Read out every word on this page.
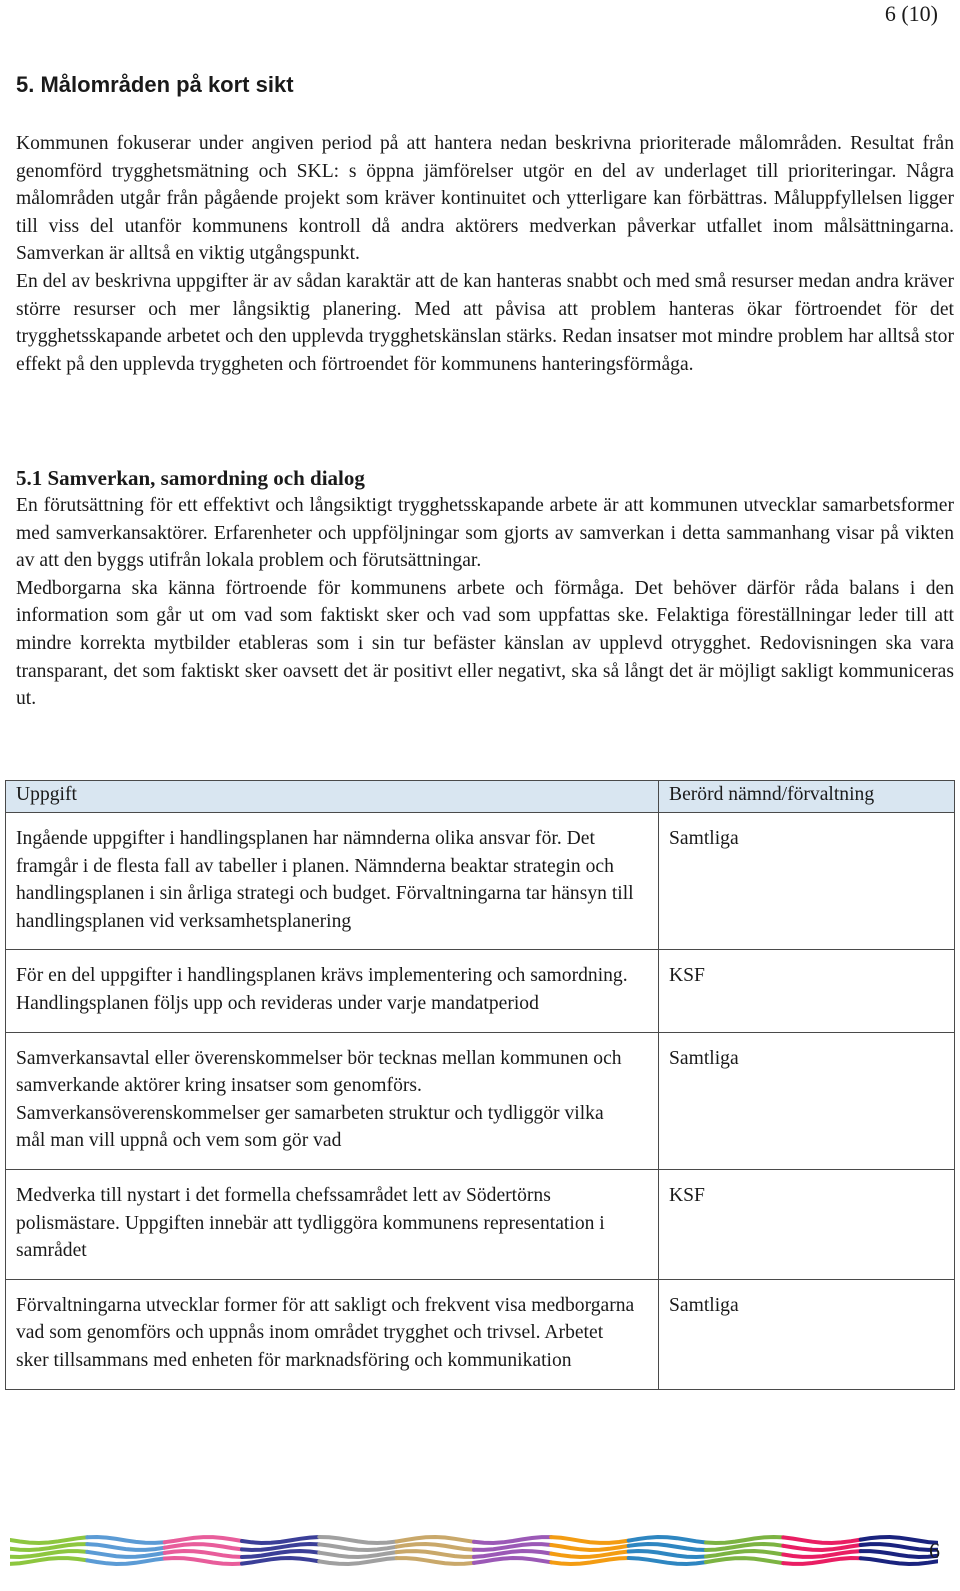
6 (10)
5. Målområden på kort sikt

Kommunen fokuserar under angiven period på att hantera nedan beskrivna prioriterade målområden. Resultat från genomförd trygghetsmätning och SKL: s öppna jämförelser utgör en del av underlaget till prioriteringar. Några målområden utgår från pågående projekt som kräver kontinuitet och ytterligare kan förbättras. Måluppfyllelsen ligger till viss del utanför kommunens kontroll då andra aktörers medverkan påverkar utfallet inom målsättningarna. Samverkan är alltså en viktig utgångspunkt.

En del av beskrivna uppgifter är av sådan karaktär att de kan hanteras snabbt och med små resurser medan andra kräver större resurser och mer långsiktig planering. Med att påvisa att problem hanteras ökar förtroendet för det trygghetsskapande arbetet och den upplevda trygghetskänslan stärks. Redan insatser mot mindre problem har alltså stor effekt på den upplevda tryggheten och förtroendet för kommunens hanteringsförmåga.

5.1 Samverkan, samordning och dialog

En förutsättning för ett effektivt och långsiktigt trygghetsskapande arbete är att kommunen utvecklar samarbetsformer med samverkansaktörer. Erfarenheter och uppföljningar som gjorts av samverkan i detta sammanhang visar på vikten av att den byggs utifrån lokala problem och förutsättningar.

Medborgarna ska känna förtroende för kommunens arbete och förmåga. Det behöver därför råda balans i den information som går ut om vad som faktiskt sker och vad som uppfattas ske. Felaktiga föreställningar leder till att mindre korrekta mytbilder etableras som i sin tur befäster känslan av upplevd otrygghet. Redovisningen ska vara transparant, det som faktiskt sker oavsett det är positivt eller negativt, ska så långt det är möjligt sakligt kommuniceras ut.

Uppgift	Berörd nämnd/förvaltning
Ingående uppgifter i handlingsplanen har nämnderna olika ansvar för. Det framgår i de flesta fall av tabeller i planen. Nämnderna beaktar strategin och handlingsplanen i sin årliga strategi och budget. Förvaltningarna tar hänsyn till handlingsplanen vid verksamhetsplanering	Samtliga
För en del uppgifter i handlingsplanen krävs implementering och samordning. Handlingsplanen följs upp och revideras under varje mandatperiod	KSF
Samverkansavtal eller överenskommelser bör tecknas mellan kommunen och samverkande aktörer kring insatser som genomförs. Samverkansöverenskommelser ger samarbeten struktur och tydliggör vilka mål man vill uppnå och vem som gör vad	Samtliga
Medverka till nystart i det formella chefssamrådet lett av Södertörns polismästare. Uppgiften innebär att tydliggöra kommunens representation i samrådet	KSF
Förvaltningarna utvecklar former för att sakligt och frekvent visa medborgarna vad som genomförs och uppnås inom området trygghet och trivsel. Arbetet sker tillsammans med enheten för marknadsföring och kommunikation	Samtliga
6
